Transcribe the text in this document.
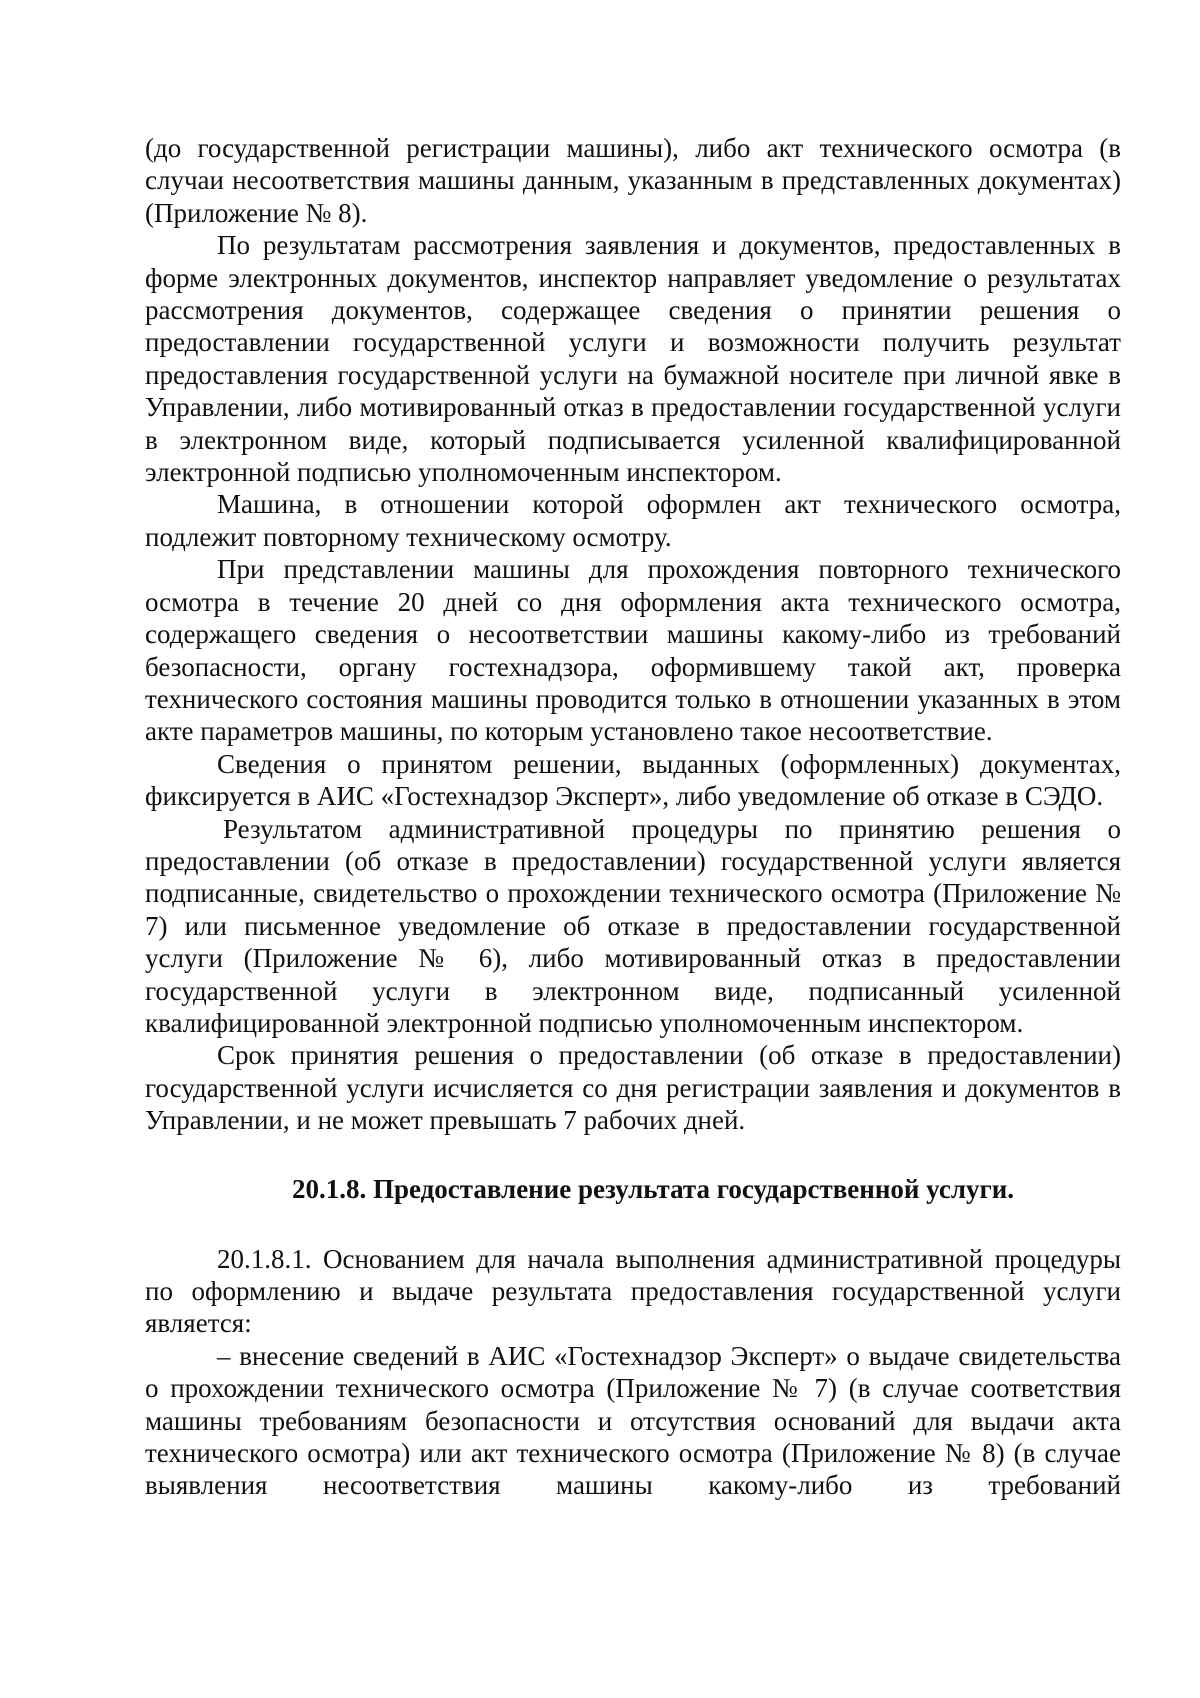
(до государственной регистрации машины), либо акт технического осмотра (в случаи несоответствия машины данным, указанным в представленных документах) (Приложение № 8).

По результатам рассмотрения заявления и документов, предоставленных в форме электронных документов, инспектор направляет уведомление о результатах рассмотрения документов, содержащее сведения о принятии решения о предоставлении государственной услуги и возможности получить результат предоставления государственной услуги на бумажной носителе при личной явке в Управлении, либо мотивированный отказ в предоставлении государственной услуги в электронном виде, который подписывается усиленной квалифицированной электронной подписью уполномоченным инспектором.

Машина, в отношении которой оформлен акт технического осмотра, подлежит повторному техническому осмотру.

При представлении машины для прохождения повторного технического осмотра в течение 20 дней со дня оформления акта технического осмотра, содержащего сведения о несоответствии машины какому-либо из требований безопасности, органу гостехнадзора, оформившему такой акт, проверка технического состояния машины проводится только в отношении указанных в этом акте параметров машины, по которым установлено такое несоответствие.

Сведения о принятом решении, выданных (оформленных) документах, фиксируется в АИС «Гостехнадзор Эксперт», либо уведомление об отказе в СЭДО.

Результатом административной процедуры по принятию решения о предоставлении (об отказе в предоставлении) государственной услуги является подписанные, свидетельство о прохождении технического осмотра (Приложение № 7) или письменное уведомление об отказе в предоставлении государственной услуги (Приложение № 6), либо мотивированный отказ в предоставлении государственной услуги в электронном виде, подписанный усиленной квалифицированной электронной подписью уполномоченным инспектором.

Срок принятия решения о предоставлении (об отказе в предоставлении) государственной услуги исчисляется со дня регистрации заявления и документов в Управлении, и не может превышать 7 рабочих дней.

20.1.8. Предоставление результата государственной услуги.

20.1.8.1. Основанием для начала выполнения административной процедуры по оформлению и выдаче результата предоставления государственной услуги является:

– внесение сведений в АИС «Гостехнадзор Эксперт» о выдаче свидетельства о прохождении технического осмотра (Приложение № 7) (в случае соответствия машины требованиям безопасности и отсутствия оснований для выдачи акта технического осмотра) или акт технического осмотра (Приложение № 8) (в случае выявления несоответствия машины какому-либо из требований
